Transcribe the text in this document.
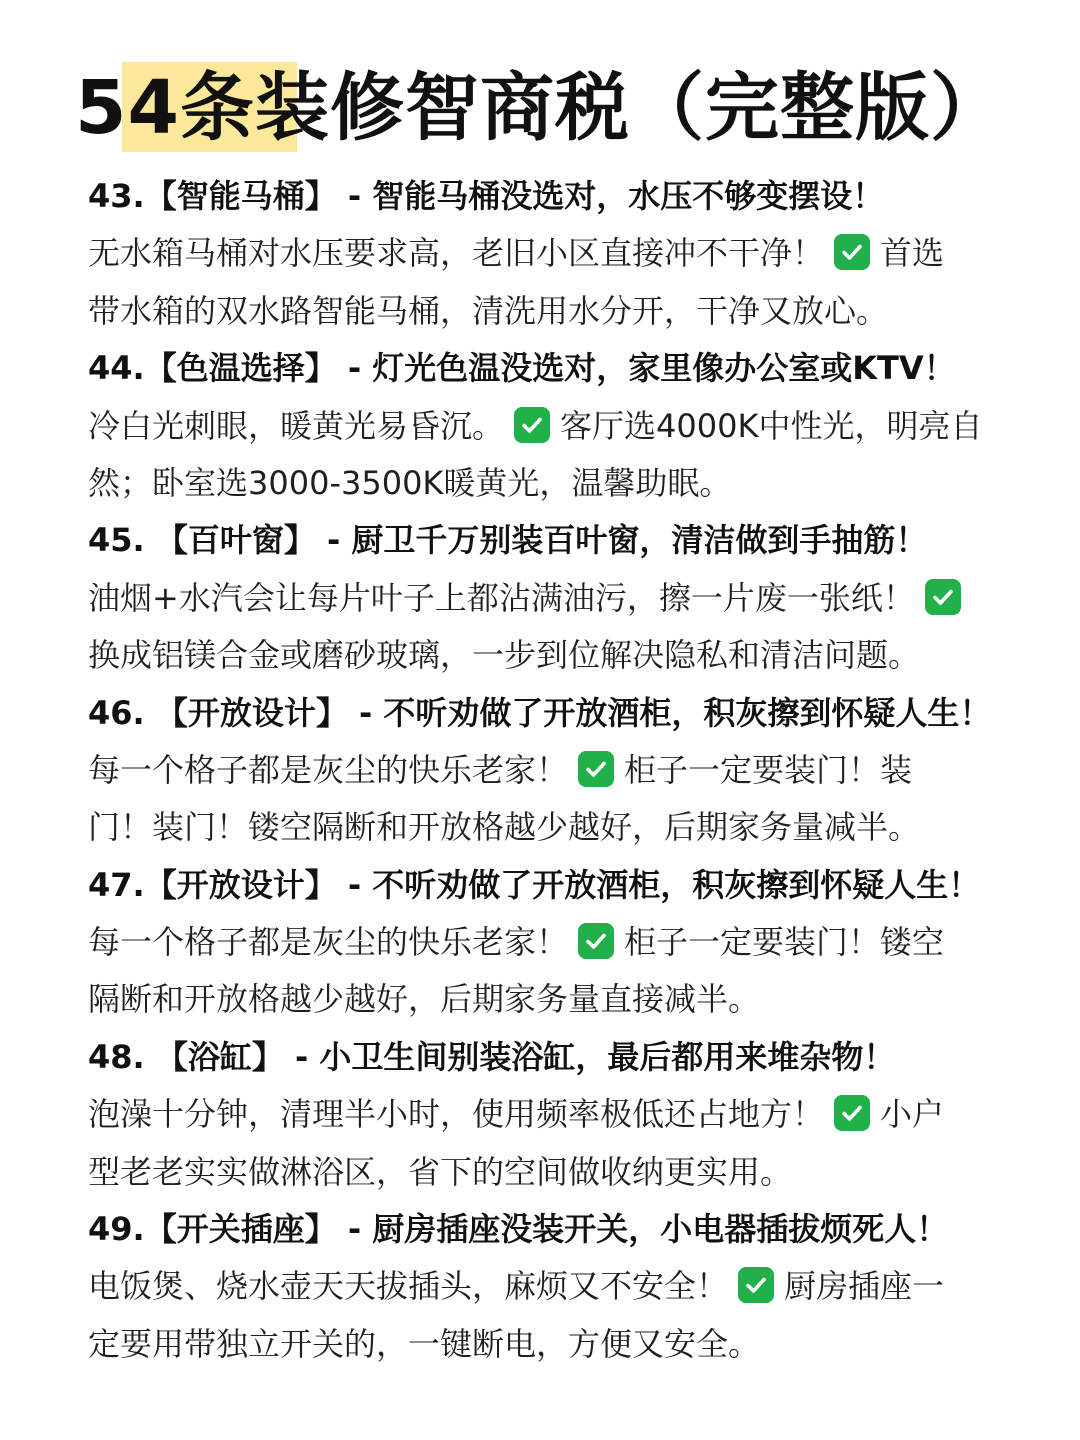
54条装修智商税（完整版）
43.【智能马桶】 - 智能马桶没选对，水压不够变摆设！
无水箱马桶对水压要求高，老旧小区直接冲不干净！ 首选
带水箱的双水路智能马桶，清洗用水分开，干净又放心。
44.【色温选择】 - 灯光色温没选对，家里像办公室或KTV！
冷白光刺眼，暖黄光易昏沉。 客厅选4000K中性光，明亮自
然；卧室选3000-3500K暖黄光，温馨助眠。
45. 【百叶窗】 - 厨卫千万别装百叶窗，清洁做到手抽筋！
油烟+水汽会让每片叶子上都沾满油污，擦一片废一张纸！
换成铝镁合金或磨砂玻璃，一步到位解决隐私和清洁问题。
46. 【开放设计】 - 不听劝做了开放酒柜，积灰擦到怀疑人生！
每一个格子都是灰尘的快乐老家！ 柜子一定要装门！装
门！装门！镂空隔断和开放格越少越好，后期家务量减半。
47.【开放设计】 - 不听劝做了开放酒柜，积灰擦到怀疑人生！
每一个格子都是灰尘的快乐老家！ 柜子一定要装门！镂空
隔断和开放格越少越好，后期家务量直接减半。
48. 【浴缸】 - 小卫生间别装浴缸，最后都用来堆杂物！
泡澡十分钟，清理半小时，使用频率极低还占地方！ 小户
型老老实实做淋浴区，省下的空间做收纳更实用。
49.【开关插座】 - 厨房插座没装开关，小电器插拔烦死人！
电饭煲、烧水壶天天拔插头，麻烦又不安全！ 厨房插座一
定要用带独立开关的，一键断电，方便又安全。
